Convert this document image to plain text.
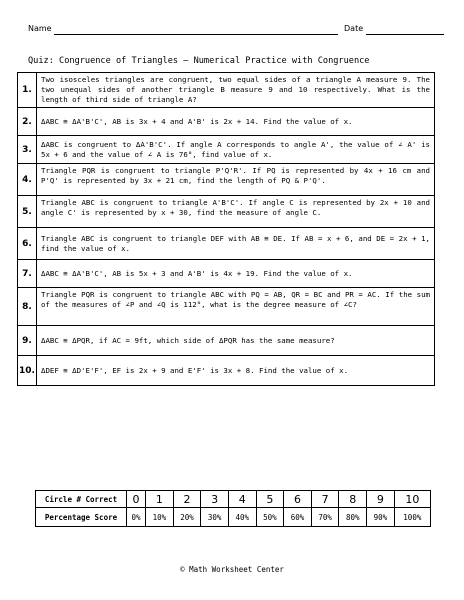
Name	Date
Quiz: Congruence of Triangles – Numerical Practice with Congruence
1.	Two isosceles triangles are congruent, two equal sides of a triangle A measure 9. The two unequal sides of another triangle B measure 9 and 10 respectively. What is the length of third side of triangle A?
2.	ΔABC ≅ ΔA'B'C', AB is 3x + 4 and A'B' is 2x + 14. Find the value of x.
3.	ΔABC is congruent to ΔA'B'C'. If angle A corresponds to angle A', the value of ∠ A' is 5x + 6 and the value of ∠ A is 76°, find value of x.
4.	Triangle PQR is congruent to triangle P'Q'R'. If PQ is represented by 4x + 16 cm and P'Q' is represented by 3x + 21 cm, find the length of PQ & P'Q'.
5.	Triangle ABC is congruent to triangle A'B'C'. If angle C is represented by 2x + 10 and angle C' is represented by x + 30, find the measure of angle C.
6.	Triangle ABC is congruent to triangle DEF with AB ≅ DE. If AB = x + 6, and DE = 2x + 1, find the value of x.
7.	ΔABC ≅ ΔA'B'C', AB is 5x + 3 and A'B' is 4x + 19. Find the value of x.
8.	Triangle PQR is congruent to triangle ABC with PQ = AB, QR = BC and PR = AC. If the sum of the measures of ∠P and ∠Q is 112°, what is the degree measure of ∠C?
9.	ΔABC ≅ ΔPQR, if AC = 9ft, which side of ΔPQR has the same measure?
10.	ΔDEF ≅ ΔD'E'F', EF is 2x + 9 and E'F' is 3x + 8. Find the value of x.
Circle # Correct	0	1	2	3	4	5	6	7	8	9	10
Percentage Score	0%	10%	20%	30%	40%	50%	60%	70%	80%	90%	100%
© Math Worksheet Center
